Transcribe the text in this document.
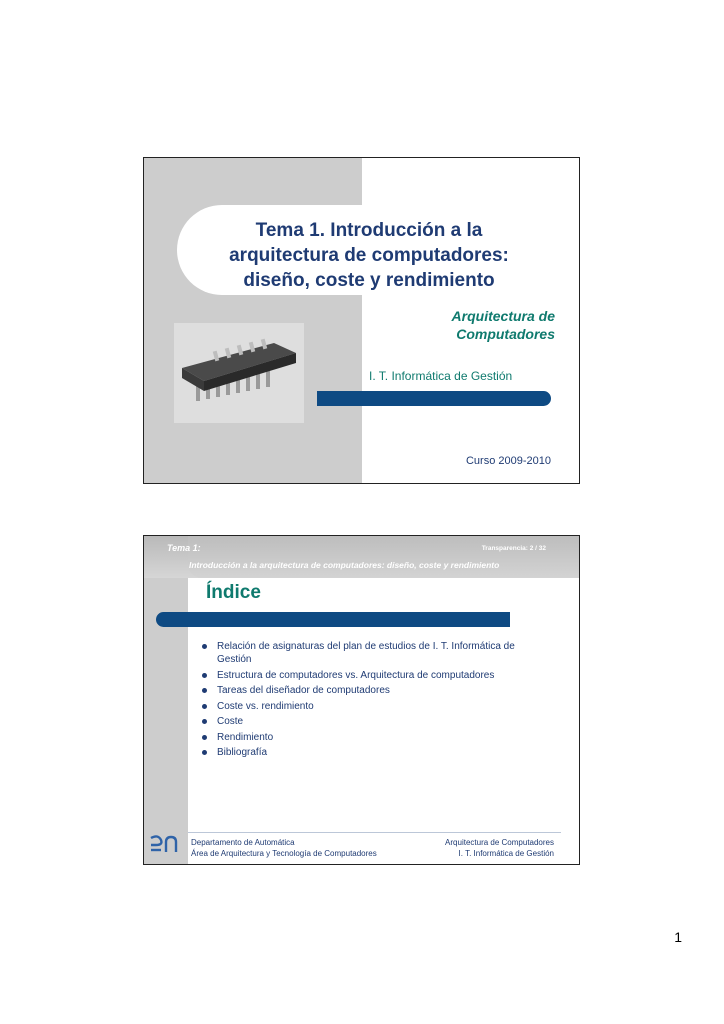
Tema 1. Introducción a la arquitectura de computadores: diseño, coste y rendimiento
Arquitectura de
Computadores
I. T. Informática de Gestión
Curso 2009-2010
Tema 1:	Transparencia: 2 / 32
Introducción a la arquitectura de computadores: diseño, coste y rendimiento
Índice
Relación de asignaturas del plan de estudios de I. T. Informática de Gestión
Estructura de computadores vs. Arquitectura de computadores
Tareas del diseñador de computadores
Coste vs. rendimiento
Coste
Rendimiento
Bibliografía
Departamento de Automática
Área de Arquitectura y Tecnología de Computadores
Arquitectura de Computadores
I. T. Informática de Gestión
1
